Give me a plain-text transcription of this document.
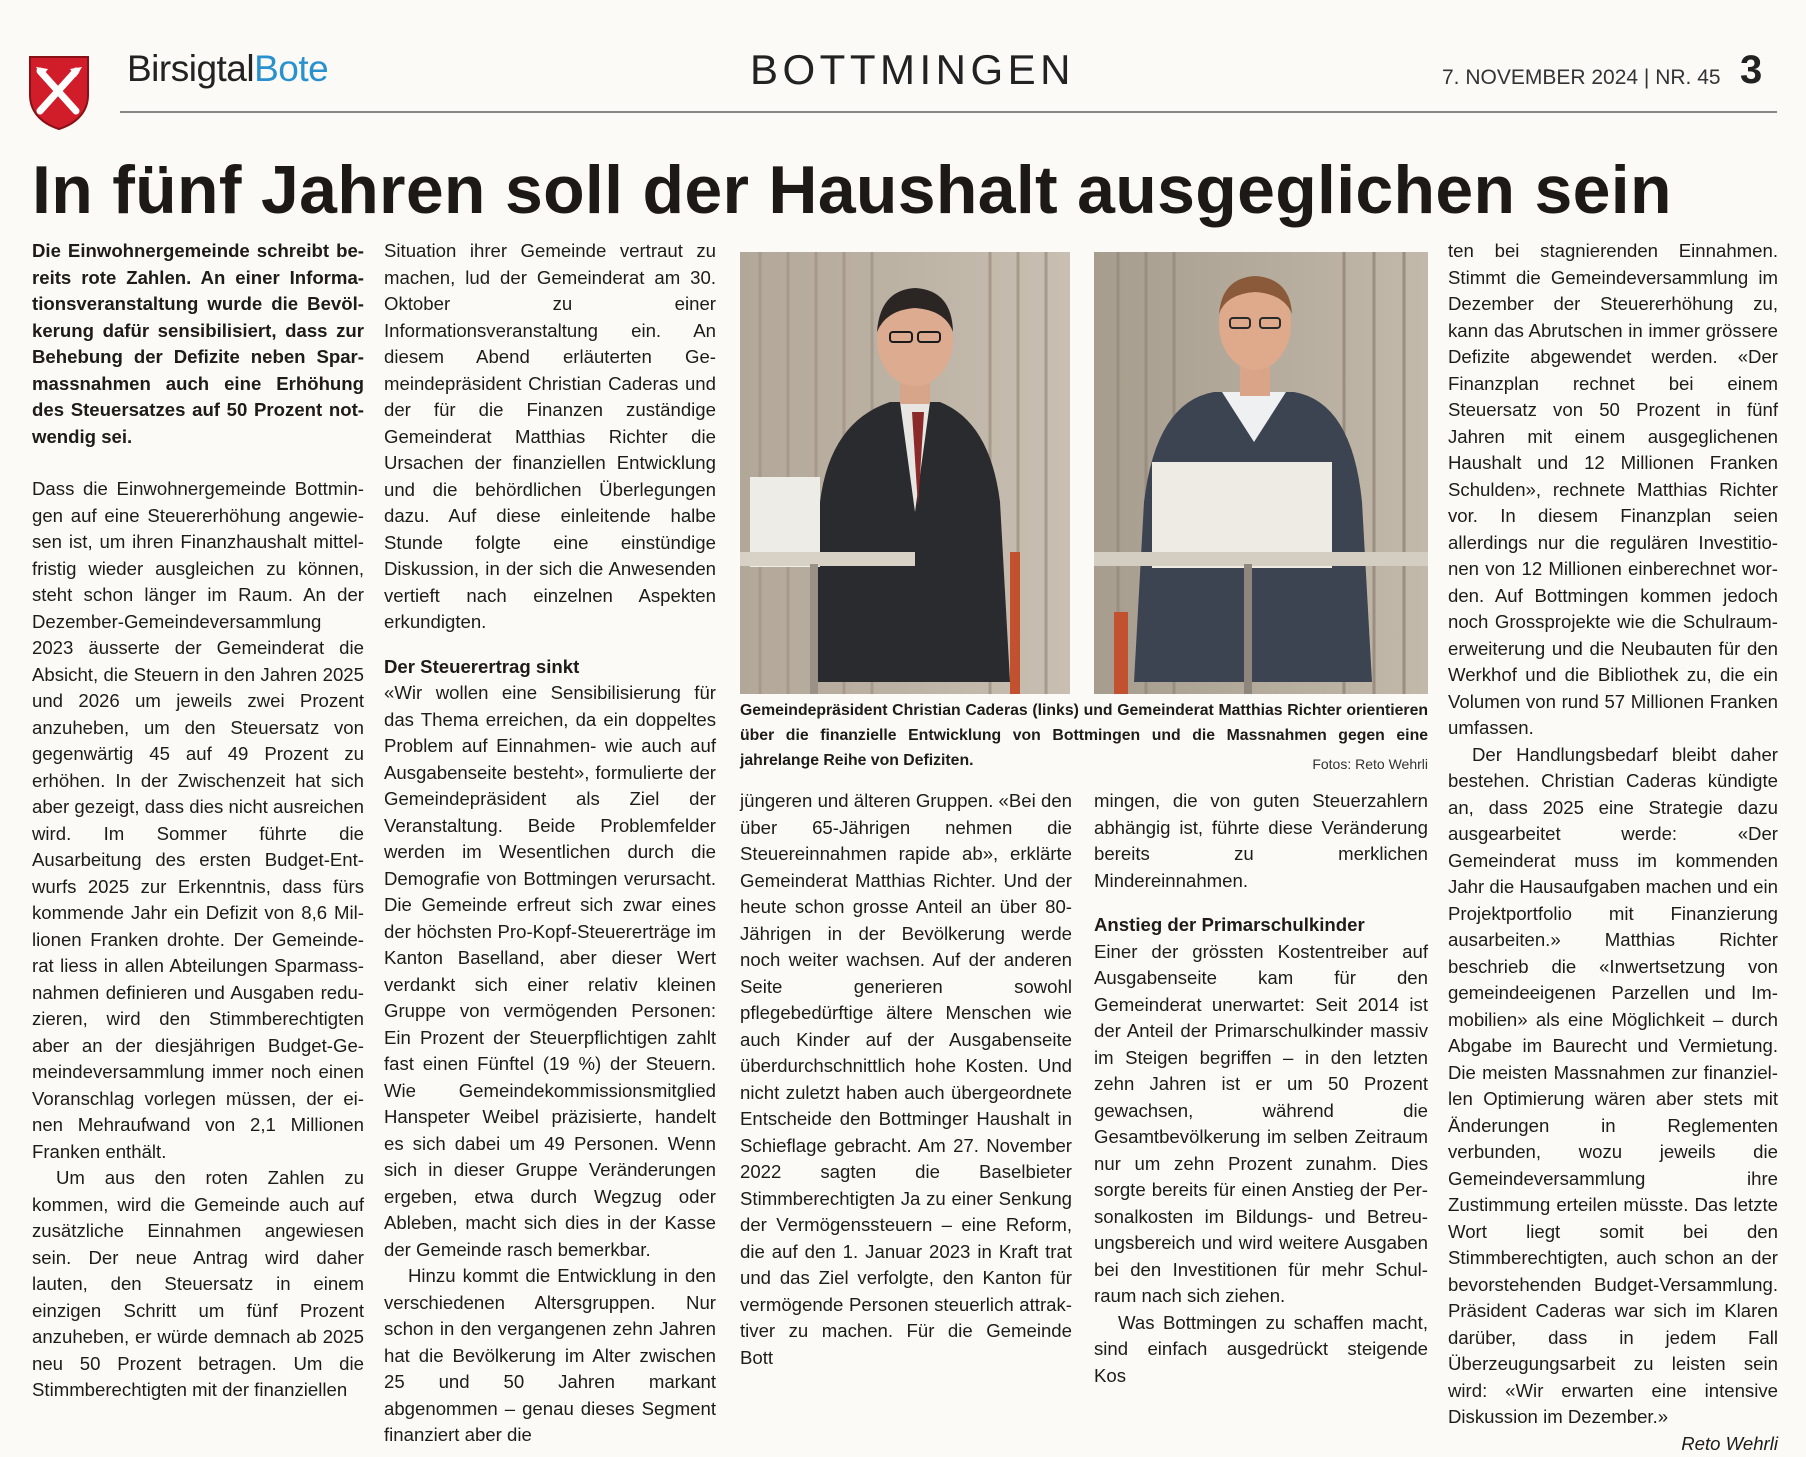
BirsigtalBote	BOTTMINGEN	7. NOVEMBER 2024 | NR. 45 3
In fünf Jahren soll der Haushalt ausgeglichen sein

Die Einwohnergemeinde schreibt bereits rote Zahlen. An einer Informationsveranstaltung wurde die Bevölkerung dafür sensibilisiert, dass zur Behebung der Defizite neben Sparmassnahmen auch eine Erhöhung des Steuersatzes auf 50 Prozent notwendig sei.

Dass die Einwohnergemeinde Bottmingen auf eine Steuererhöhung angewiesen ist, um ihren Finanzhaushalt mittelfristig wieder ausgleichen zu können, steht schon länger im Raum. An der Dezember-Gemeindeversammlung 2023 äusserte der Gemeinderat die Absicht, die Steuern in den Jahren 2025 und 2026 um jeweils zwei Prozent anzuheben, um den Steuersatz von gegenwärtig 45 auf 49 Prozent zu erhöhen. In der Zwischenzeit hat sich aber gezeigt, dass dies nicht ausreichen wird. Im Sommer führte die Ausarbeitung des ersten Budget-Entwurfs 2025 zur Erkenntnis, dass fürs kommende Jahr ein Defizit von 8,6 Millionen Franken drohte. Der Gemeinderat liess in allen Abteilungen Sparmassnahmen definieren und Ausgaben reduzieren, wird den Stimmberechtigten aber an der diesjährigen Budget-Gemeindeversammlung immer noch einen Voranschlag vorlegen müssen, der einen Mehraufwand von 2,1 Millionen Franken enthält.

Um aus den roten Zahlen zu kommen, wird die Gemeinde auch auf zusätzliche Einnahmen angewiesen sein. Der neue Antrag wird daher lauten, den Steuersatz in einem einzigen Schritt um fünf Prozent anzuheben, er würde demnach ab 2025 neu 50 Prozent betragen. Um die Stimmberechtigten mit der finanziellen

Situation ihrer Gemeinde vertraut zu machen, lud der Gemeinderat am 30. Oktober zu einer Informationsveranstaltung ein. An diesem Abend erläuterten Gemeindepräsident Christian Caderas und der für die Finanzen zuständige Gemeinderat Matthias Richter die Ursachen der finanziellen Entwicklung und die behördlichen Überlegungen dazu. Auf diese einleitende halbe Stunde folgte eine einstündige Diskussion, in der sich die Anwesenden vertieft nach einzelnen Aspekten erkundigten.

Der Steuerertrag sinkt

«Wir wollen eine Sensibilisierung für das Thema erreichen, da ein doppeltes Problem auf Einnahmen- wie auch auf Ausgabenseite besteht», formulierte der Gemeindepräsident als Ziel der Veranstaltung. Beide Problemfelder werden im Wesentlichen durch die Demografie von Bottmingen verursacht. Die Gemeinde erfreut sich zwar eines der höchsten Pro-Kopf-Steuererträge im Kanton Baselland, aber dieser Wert verdankt sich einer relativ kleinen Gruppe von vermögenden Personen: Ein Prozent der Steuerpflichtigen zahlt fast einen Fünftel (19 %) der Steuern. Wie Gemeindekommissionsmitglied Hanspeter Weibel präzisierte, handelt es sich dabei um 49 Personen. Wenn sich in dieser Gruppe Veränderungen ergeben, etwa durch Wegzug oder Ableben, macht sich dies in der Kasse der Gemeinde rasch bemerkbar.

Hinzu kommt die Entwicklung in den verschiedenen Altersgruppen. Nur schon in den vergangenen zehn Jahren hat die Bevölkerung im Alter zwischen 25 und 50 Jahren markant abgenommen – genau dieses Segment finanziert aber die

Gemeindepräsident Christian Caderas (links) und Gemeinderat Matthias Richter orientieren über die finanzielle Entwicklung von Bottmingen und die Massnahmen gegen eine jahrelange Reihe von Defiziten.	Fotos: Reto Wehrli

jüngeren und älteren Gruppen. «Bei den über 65-Jährigen nehmen die Steuereinnahmen rapide ab», erklärte Gemeinderat Matthias Richter. Und der heute schon grosse Anteil an über 80-Jährigen in der Bevölkerung werde noch weiter wachsen. Auf der anderen Seite generieren sowohl pflegebedürftige ältere Menschen wie auch Kinder auf der Ausgabenseite überdurchschnittlich hohe Kosten. Und nicht zuletzt haben auch übergeordnete Entscheide den Bottminger Haushalt in Schieflage gebracht. Am 27. November 2022 sagten die Baselbieter Stimmberechtigten Ja zu einer Senkung der Vermögenssteuern – eine Reform, die auf den 1. Januar 2023 in Kraft trat und das Ziel verfolgte, den Kanton für vermögende Personen steuerlich attraktiver zu machen. Für die Gemeinde Bott

mingen, die von guten Steuerzahlern abhängig ist, führte diese Veränderung bereits zu merklichen Mindereinnahmen.

Anstieg der Primarschulkinder

Einer der grössten Kostentreiber auf Ausgabenseite kam für den Gemeinderat unerwartet: Seit 2014 ist der Anteil der Primarschulkinder massiv im Steigen begriffen – in den letzten zehn Jahren ist er um 50 Prozent gewachsen, während die Gesamtbevölkerung im selben Zeitraum nur um zehn Prozent zunahm. Dies sorgte bereits für einen Anstieg der Personalkosten im Bildungs- und Betreuungsbereich und wird weitere Ausgaben bei den Investitionen für mehr Schulraum nach sich ziehen.

Was Bottmingen zu schaffen macht, sind einfach ausgedrückt steigende Kos

ten bei stagnierenden Einnahmen. Stimmt die Gemeindeversammlung im Dezember der Steuererhöhung zu, kann das Abrutschen in immer grössere Defizite abgewendet werden. «Der Finanzplan rechnet bei einem Steuersatz von 50 Prozent in fünf Jahren mit einem ausgeglichenen Haushalt und 12 Millionen Franken Schulden», rechnete Matthias Richter vor. In diesem Finanzplan seien allerdings nur die regulären Investitionen von 12 Millionen einberechnet worden. Auf Bottmingen kommen jedoch noch Grossprojekte wie die Schulraumerweiterung und die Neubauten für den Werkhof und die Bibliothek zu, die ein Volumen von rund 57 Millionen Franken umfassen.

Der Handlungsbedarf bleibt daher bestehen. Christian Caderas kündigte an, dass 2025 eine Strategie dazu ausgearbeitet werde: «Der Gemeinderat muss im kommenden Jahr die Hausaufgaben machen und ein Projektportfolio mit Finanzierung ausarbeiten.» Matthias Richter beschrieb die «Inwertsetzung von gemeindeeigenen Parzellen und Immobilien» als eine Möglichkeit – durch Abgabe im Baurecht und Vermietung. Die meisten Massnahmen zur finanziellen Optimierung wären aber stets mit Änderungen in Reglementen verbunden, wozu jeweils die Gemeindeversammlung ihre Zustimmung erteilen müsste. Das letzte Wort liegt somit bei den Stimmberechtigten, auch schon an der bevorstehenden Budget-Versammlung. Präsident Caderas war sich im Klaren darüber, dass in jedem Fall Überzeugungsarbeit zu leisten sein wird: «Wir erwarten eine intensive Diskussion im Dezember.»

Reto Wehrli
